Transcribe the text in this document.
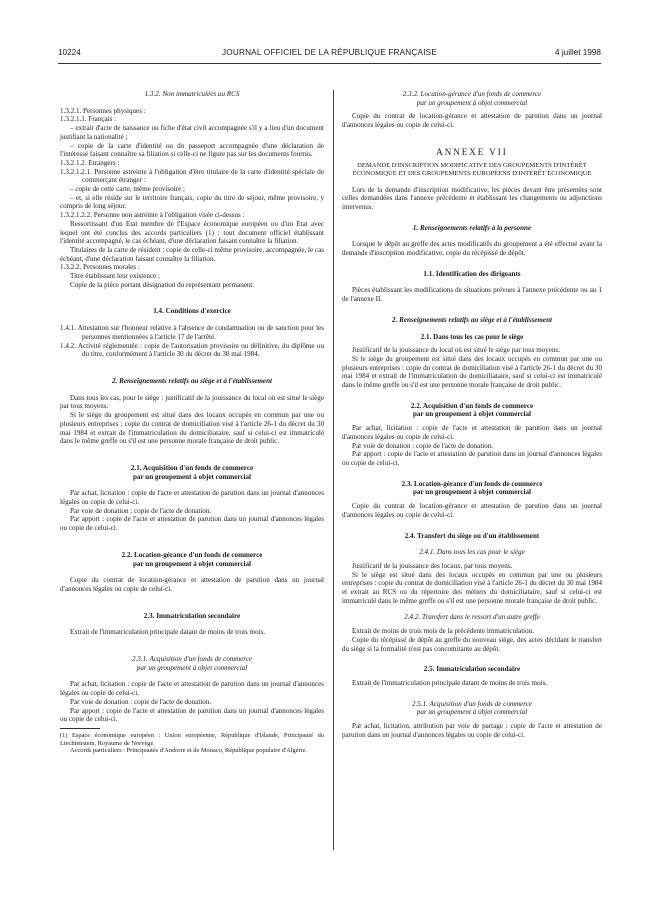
10224	JOURNAL OFFICIEL DE LA RÉPUBLIQUE FRANÇAISE	4 juillet 1998

1.3.2. Non immatriculées au RCS

1.3.2.1. Personnes physiques :

1.3.2.1.1. Français :

– extrait d'acte de naissance ou fiche d'état civil accompagnée s'il y a lieu d'un document justifiant la nationalité ;

– copie de la carte d'identité ou du passeport accompagnée d'une déclaration de l'intéressé faisant connaître sa filiation si celle-ci ne figure pas sur les documents fournis.

1.3.2.1.2. Etrangers :

1.3.2.1.2.1. Personne astreinte à l'obligation d'être titulaire de la carte d'identité spéciale de commerçant étranger :

– copie de cette carte, même provisoire ;

– et, si elle réside sur le territoire français, copie du titre de séjour, même provisoire, y compris de long séjour.

1.3.2.1.2.2. Personne non astreinte à l'obligation visée ci-dessus :

Ressortissant d'un Etat membre de l'Espace économique européen ou d'un Etat avec lequel ont été conclus des accords particuliers (1) : tout document officiel établissant l'identité accompagné, le cas échéant, d'une déclaration faisant connaître la filiation.

Titulaires de la carte de résident : copie de celle-ci même provisoire, accompagnée, le cas échéant, d'une déclaration faisant connaître la filiation.

1.3.2.2. Personnes morales :

Titre établissant leur existence ;

Copie de la pièce portant désignation du représentant permanent.

1.4. Conditions d'exercice

1.4.1. Attestation sur l'honneur relative à l'absence de condamnation ou de sanction pour les personnes mentionnées à l'article 17 de l'arrêté.

1.4.2. Activité réglementée : copie de l'autorisation provisoire ou définitive, du diplôme ou du titre, conformément à l'article 30 du décret du 30 mai 1984.

2. Renseignements relatifs au siège et à l'établissement

Dans tous les cas, pour le siège : justificatif de la jouissance du local où est situé le siège par tous moyens.

Si le siège du groupement est situé dans des locaux occupés en commun par une ou plusieurs entreprises : copie du contrat de domiciliation visé à l'article 26-1 du décret du 30 mai 1984 et extrait de l'immatriculation du domiciliataire, sauf si celui-ci est immatriculé dans le même greffe ou s'il est une personne morale française de droit public.

2.1. Acquisition d'un fonds de commerce

par un groupement à objet commercial

Par achat, licitation : copie de l'acte et attestation de parution dans un journal d'annonces légales ou copie de celui-ci.

Par voie de donation : copie de l'acte de donation.

Par apport : copie de l'acte et attestation de parution dans un journal d'annonces légales ou copie de celui-ci.

2.2. Location-gérance d'un fonds de commerce

par un groupement à objet commercial

Copie du contrat de location-gérance et attestation de parution dans un journal d'annonces légales ou copie de celui-ci.

2.3. Immatriculation secondaire

Extrait de l'immatriculation principale datant de moins de trois mois.

2.3.1. Acquisition d'un fonds de commerce

par un groupement à objet commercial

Par achat, licitation : copie de l'acte et attestation de parution dans un journal d'annonces légales ou copie de celui-ci.

Par voie de donation : copie de l'acte de donation.

Par apport : copie de l'acte et attestation de parution dans un journal d'annonces légales ou copie de celui-ci.

(1) Espace économique européen : Union européenne, République d'Islande, Principauté du Liechtenstein, Royaume de Norvège

Accords particuliers : Principautés d'Andorre et de Monaco, République populaire d'Algérie.

2.3.2. Location-gérance d'un fonds de commerce

par un groupement à objet commercial

Copie du contrat de location-gérance et attestation de parution dans un journal d'annonces légales ou copie de celui-ci.

ANNEXE VII

DEMANDE D'INSCRIPTION MODIFICATIVE DES GROUPEMENTS D'INTÉRÊT ÉCONOMIQUE ET DES GROUPEMENTS EUROPÉENS D'INTÉRÊT ÉCONOMIQUE

Lors de la demande d'inscription modificative, les pièces devant être présentées sont celles demandées dans l'annexe précédente et établissant les changements ou adjonctions intervenus.

1. Renseignements relatifs à la personne

Lorsque le dépôt au greffe des actes modificatifs du groupement a été effectué avant la demande d'inscription modificative, copie du récépissé de dépôt.

1.1. Identification des dirigeants

Pièces établissant les modifications de situations prévues à l'annexe précédente ou au 1 de l'annexe II.

2. Renseignements relatifs au siège et à l'établissement

2.1. Dans tous les cas pour le siège

Justificatif de la jouissance du local où est situé le siège par tous moyens.

Si le siège du groupement est situé dans des locaux occupés en commun par une ou plusieurs entreprises : copie du contrat de domiciliation visé à l'article 26-1 du décret du 30 mai 1984 et extrait de l'immatriculation du domiciliataire, sauf si celui-ci est immatriculé dans le même greffe ou s'il est une personne morale française de droit public.

2.2. Acquisition d'un fonds de commerce

par un groupement à objet commercial

Par achat, licitation : copie de l'acte et attestation de parution dans un journal d'annonces légales ou copie de celui-ci.

Par voie de donation : copie de l'acte de donation.

Par apport : copie de l'acte et attestation de parution dans un journal d'annonces légales ou copie de celui-ci.

2.3. Location-gérance d'un fonds de commerce

par un groupement à objet commercial

Copie du contrat de location-gérance et attestation de parution dans un journal d'annonces légales ou copie de celui-ci.

2.4. Transfert du siège ou d'un établissement

2.4.1. Dans tous les cas pour le siège

Justificatif de la jouissance des locaux, par tous moyens.

Si le siège est situé dans des locaux occupés en commun par une ou plusieurs entreprises : copie du contrat de domiciliation visé à l'article 26-1 du décret du 30 mai 1984 et extrait au RCS ou du répertoire des métiers du domiciliataire, sauf si celui-ci est immatriculé dans le même greffe ou s'il est une personne morale française de droit public.

2.4.2. Transfert dans le ressort d'un autre greffe

Extrait de moins de trois mois de la précédente immatriculation.

Copie du récépissé de dépôt au greffe du nouveau siège, des actes décidant le transfert du siège si la formalité n'est pas concomitante au dépôt.

2.5. Immatriculation secondaire

Extrait de l'immatriculation principale datant de moins de trois mois.

2.5.1. Acquisition d'un fonds de commerce

par un groupement à objet commercial

Par achat, licitation, attribution par voie de partage : copie de l'acte et attestation de parution dans un journal d'annonces légales ou copie de celui-ci.
